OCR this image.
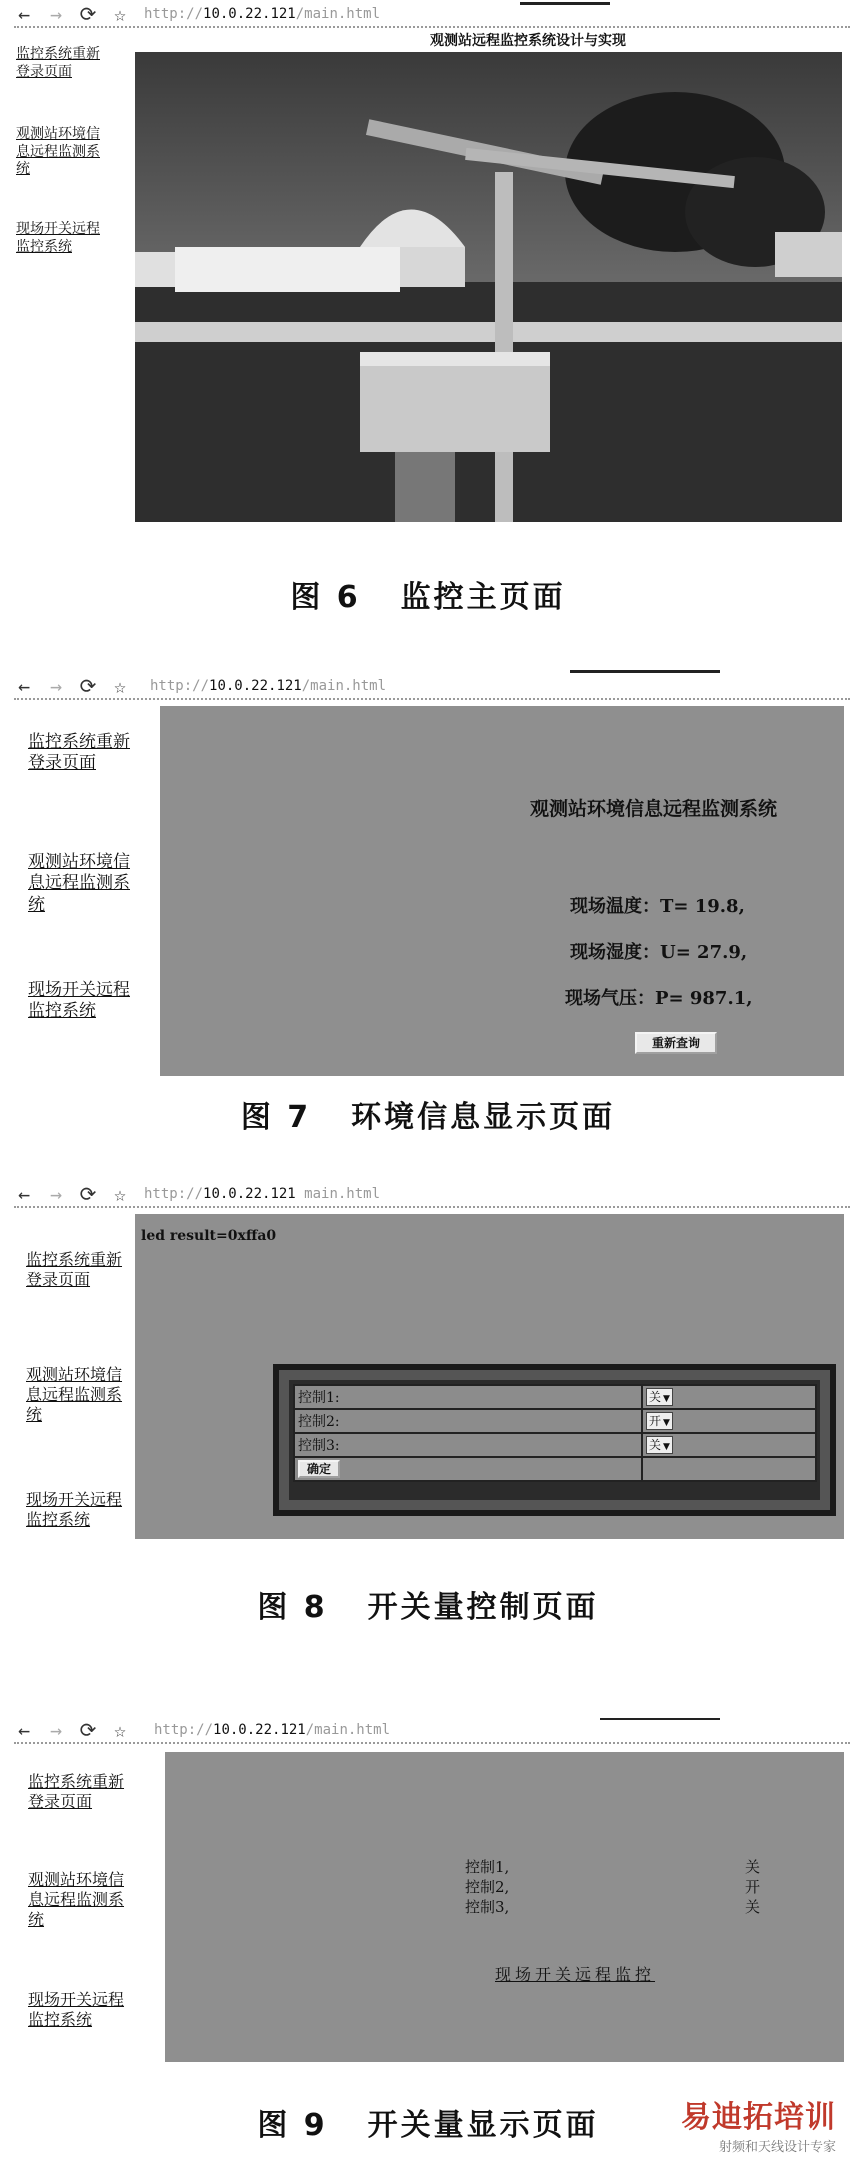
← → ⟳ ☆ http://10.0.22.121/main.html
观测站远程监控系统设计与实现
监控系统重新登录页面
观测站环境信息远程监测系统
现场开关远程监控系统
图 6 监控主页面
← → ⟳ ☆ http://10.0.22.121/main.html
监控系统重新登录页面
观测站环境信息远程监测系统
现场开关远程监控系统
观测站环境信息远程监测系统
现场温度：T= 19.8,
现场湿度：U= 27.9,
现场气压：P= 987.1,
重新查询
图 7 环境信息显示页面
← → ⟳ ☆ http://10.0.22.121 main.html
监控系统重新登录页面
观测站环境信息远程监测系统
现场开关远程监控系统
led result=0xffa0
控制1:	关 ▼
控制2:	开 ▼
控制3:	关 ▼
确定	
图 8 开关量控制页面
← → ⟳ ☆ http://10.0.22.121/main.html
监控系统重新登录页面
观测站环境信息远程监测系统
现场开关远程监控系统
控制1,	关
控制2,	开
控制3,	关
现场开关远程监控
图 9 开关量显示页面	易迪拓培训
射频和天线设计专家
